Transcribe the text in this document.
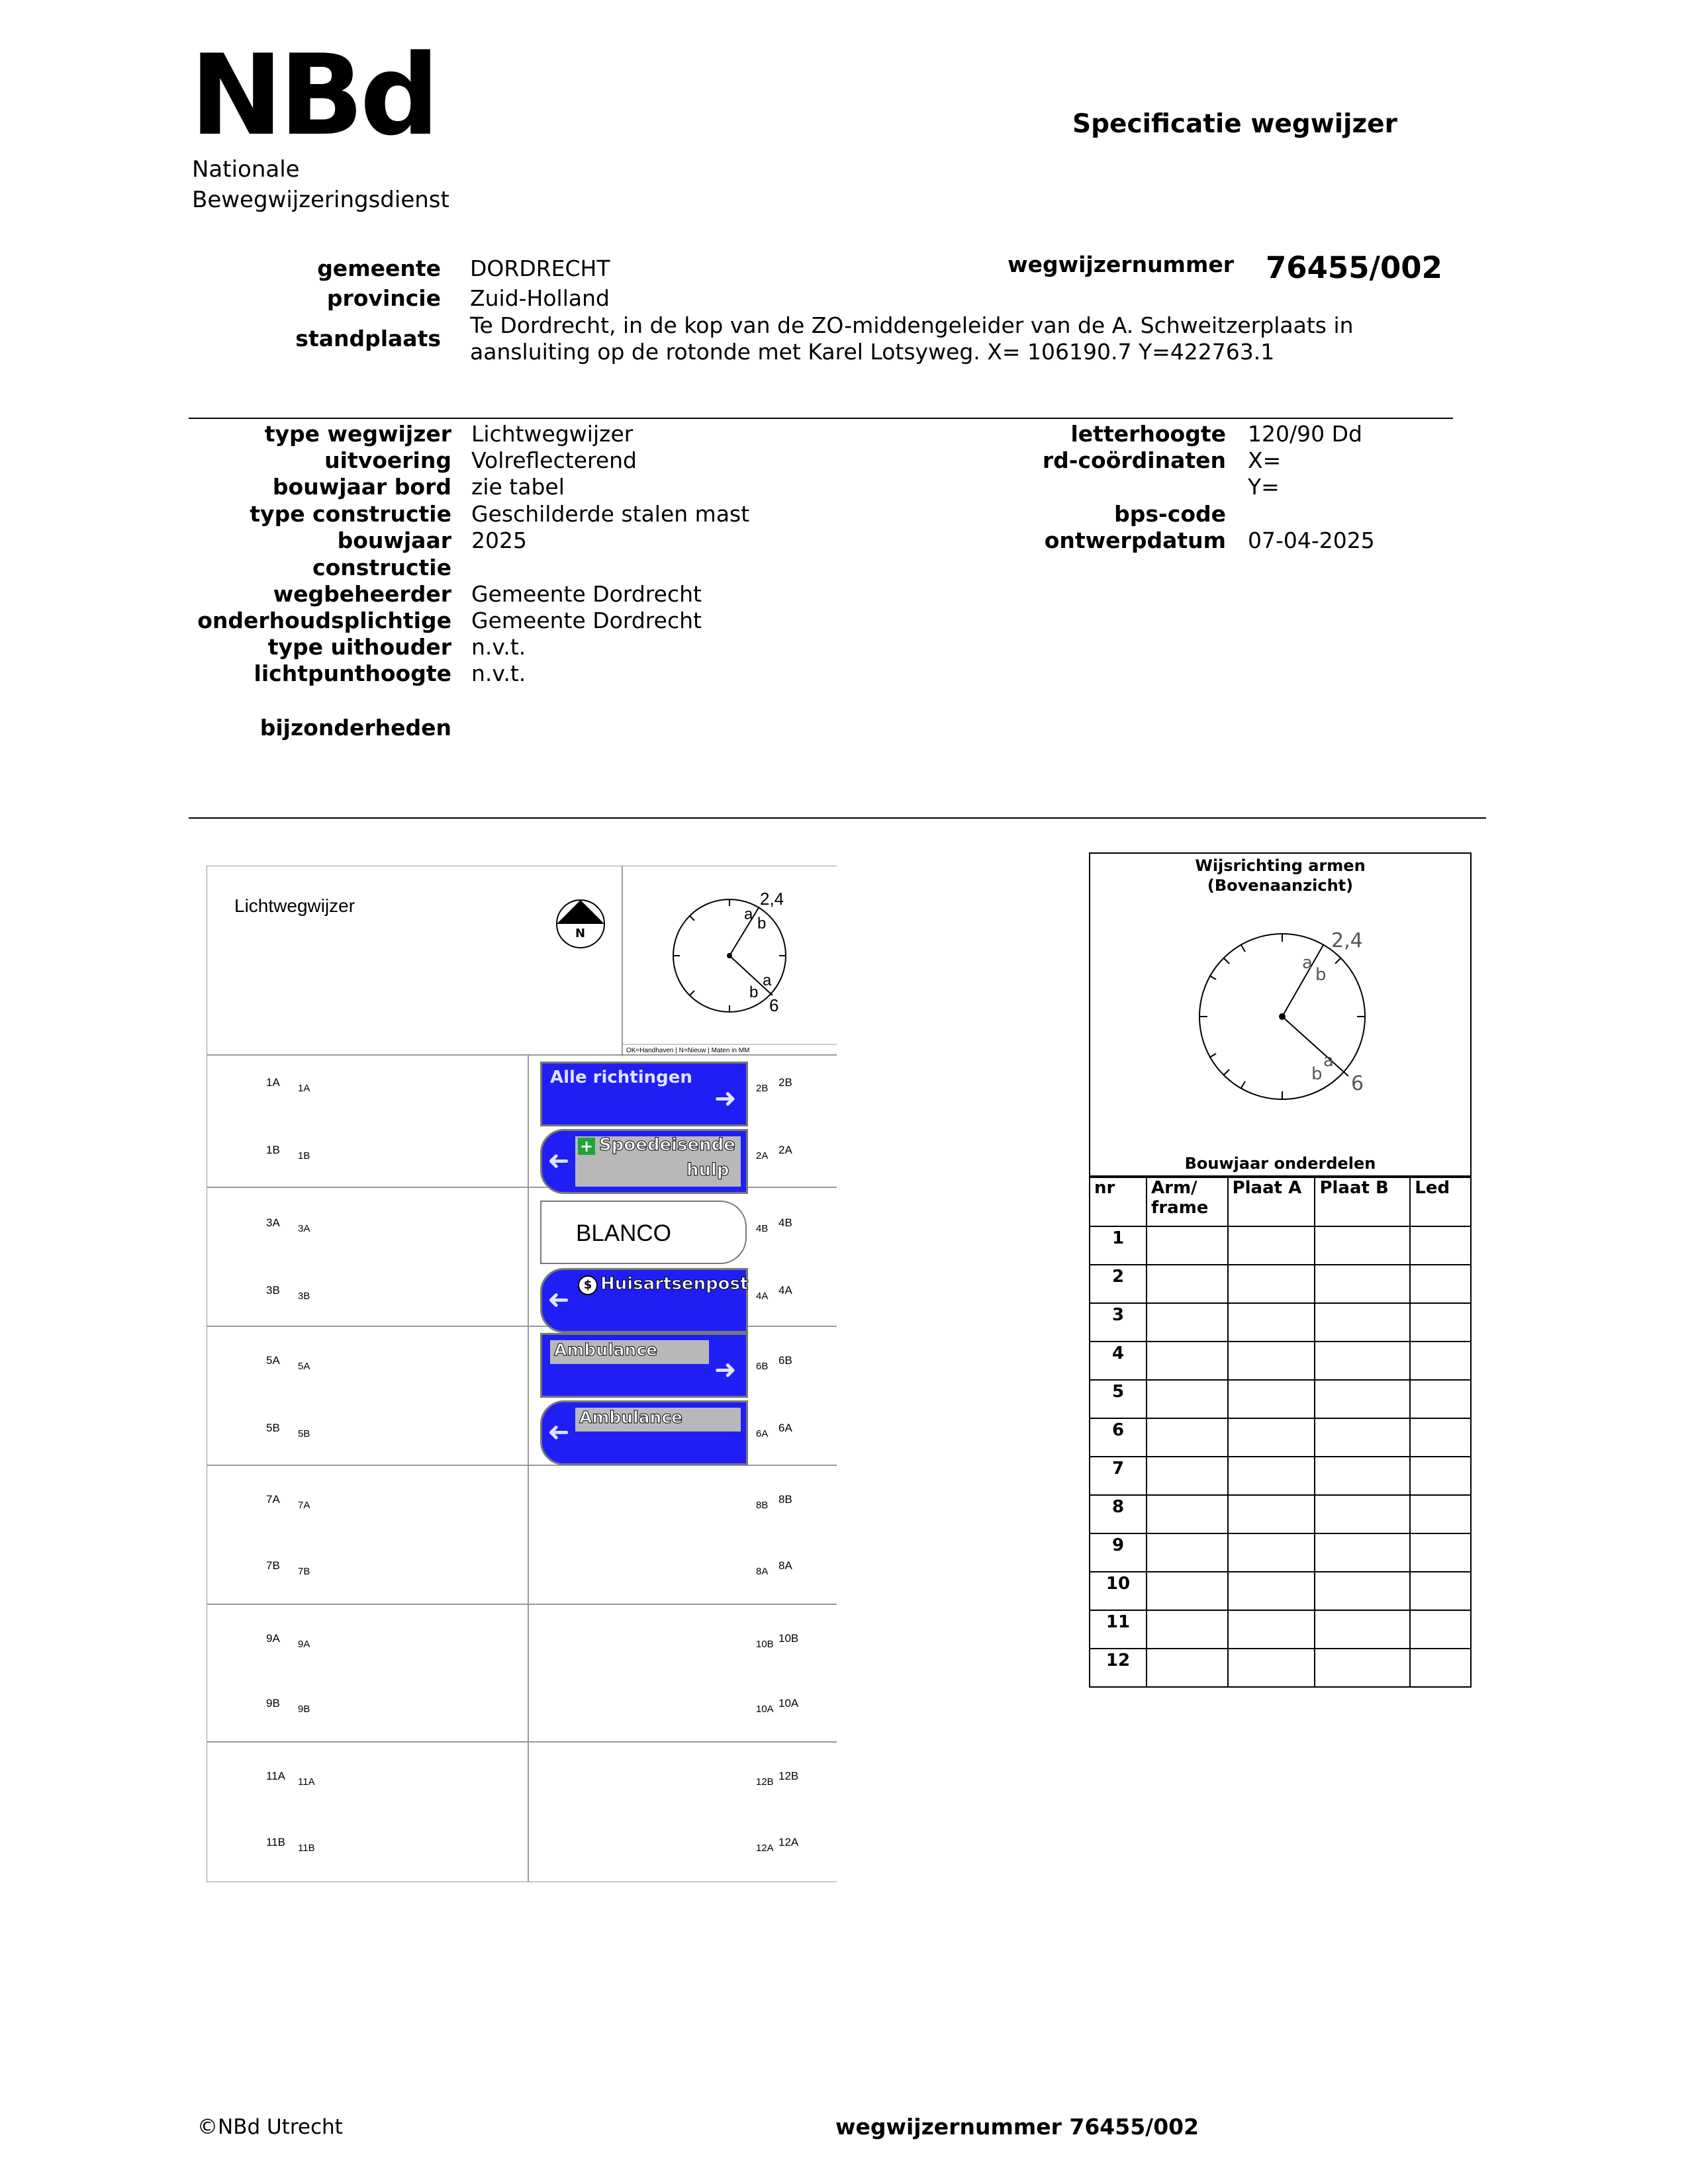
NBd
Nationale
Bewegwijzeringsdienst
Specificatie wegwijzer
gemeente DORDRECHT
provincie Zuid-Holland
standplaats
Te Dordrecht, in de kop van de ZO-middengeleider van de A. Schweitzerplaats in
aansluiting op de rotonde met Karel Lotsyweg. X= 106190.7 Y=422763.1
wegwijzernummer 76455/002
type wegwijzer Lichtwegwijzer
uitvoering Volreflecterend
bouwjaar bord zie tabel
type constructie Geschilderde stalen mast
bouwjaar 2025
constructie
wegbeheerder Gemeente Dordrecht
onderhoudsplichtige Gemeente Dordrecht
type uithouder n.v.t.
lichtpunthoogte n.v.t.
bijzonderheden
letterhoogte 120/90 Dd
rd-coördinaten X=
Y=
bps-code
ontwerpdatum 07-04-2025
Lichtwegwijzer
N
2,4
a
b
a
b
6
OK=Handhaven | N=Nieuw | Maten in MM
Alle richtingen
➜
➜ + Spoedeisende
hulp
BLANCO
➜	$ Huisartsenpost
Ambulance
➜
➜ Ambulance
1A 1A
1B 1B
3A 3A
3B 3B
5A 5A
5B 5B
7A 7A
7B 7B
9A 9A
9B 9B
11A 11A
11B 11B
2B 2B
2A 2A
4B 4B
4A 4A
6B 6B
6A 6A
8B 8B
8A 8A
10B 10B
10A 10A
12B 12B
12A 12A
Wijsrichting armen
(Bovenaanzicht)
2,4
a
b
a
b 6
Bouwjaar onderdelen
nr	Arm/ frame	Plaat A	Plaat B	Led
1				
2				
3				
4				
5				
6				
7				
8				
9				
10				
11				
12				
©NBd Utrecht	wegwijzernummer 76455/002
